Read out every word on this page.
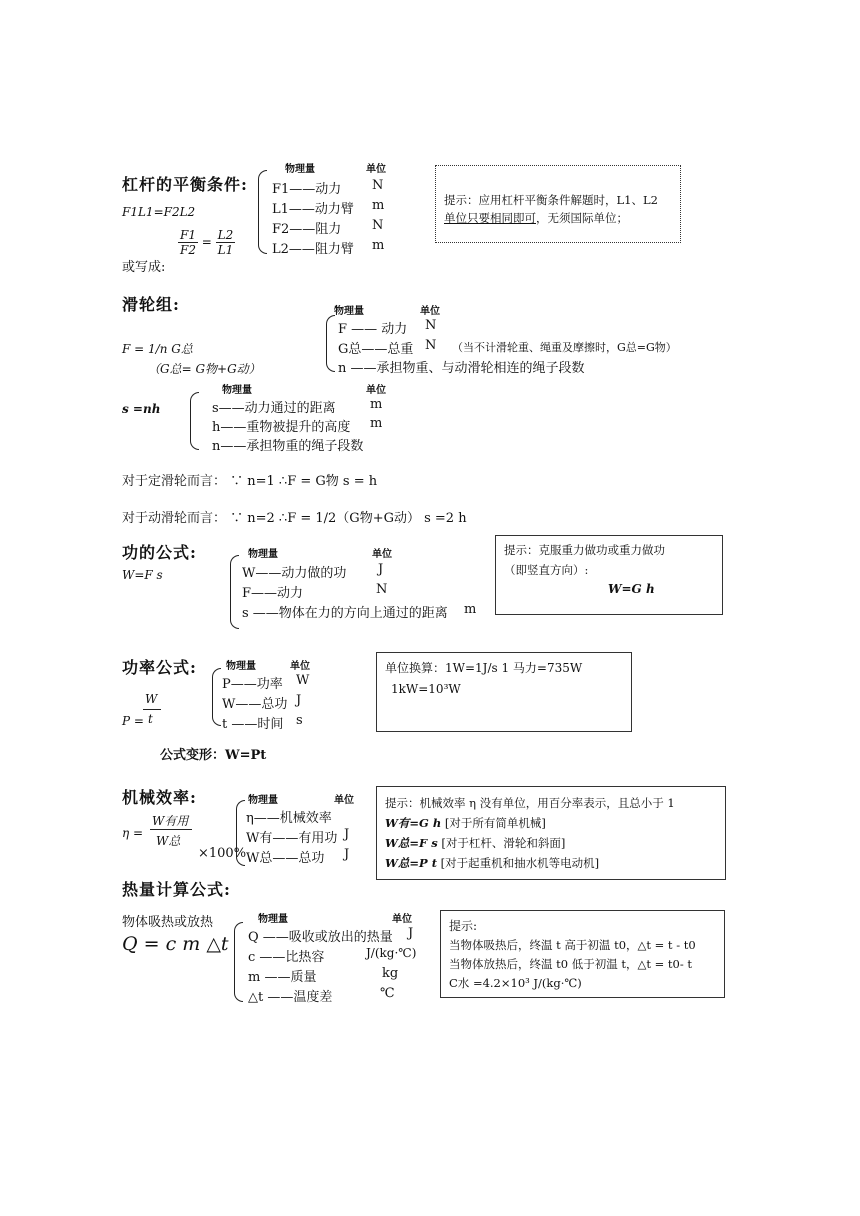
杠杆的平衡条件:
F1L1=F2L2
或写成:
$\frac{F1}{F2} = \frac{L2}{L1}$
物理量	单位
F1——动力 N
L1——动力臂 m
F2——阻力 N
L2——阻力臂 m
提示：应用杠杆平衡条件解题时，L1、L2
单位只要相同即可，无须国际单位；
滑轮组:
F = 1/n G总
（G总= G物+G动）
物理量	单位
F —— 动力 N
G总——总重 N （当不计滑轮重、绳重及摩擦时，G总=G物）
n ——承担物重、与动滑轮相连的绳子段数
s =nh
物理量	单位
s——动力通过的距离	m
h——重物被提升的高度 m
n——承担物重的绳子段数
对于定滑轮而言： ∵ n=1 ∴F = G物 s = h
对于动滑轮而言： ∵ n=2 ∴F = 1/2（G物+G动） s =2 h
功的公式:
W=F s
物理量	单位
W——动力做的功 J
F——动力	N
s ——物体在力的方向上通过的距离 m
提示：克服重力做功或重力做功
（即竖直方向）:
W=G h
功率公式:
W
P = t
物理量	单位
P——功率 W
W——总功 J
t ——时间 s
公式变形：W=Pt
单位换算：1W=1J/s 1 马力=735W
1kW=10³W
机械效率:
η =
W有用
W总
×100%
物理量	单位
η——机械效率
W有——有用功 J
W总——总功 J
提示：机械效率 η 没有单位，用百分率表示，且总小于 1
W有=G h [对于所有简单机械]
W总=F s [对于杠杆、滑轮和斜面]
W总=P t [对于起重机和抽水机等电动机]
热量计算公式:
物体吸热或放热
Q = c m △t
物理量	单位
Q ——吸收或放出的热量 J
c ——比热容	J/(kg·℃)
m ——质量	kg
△t ——温度差	℃
提示:
当物体吸热后，终温 t 高于初温 t0，△t = t - t0
当物体放热后，终温 t0 低于初温 t，△t = t0- t
C水 =4.2×10³ J/(kg·℃)
